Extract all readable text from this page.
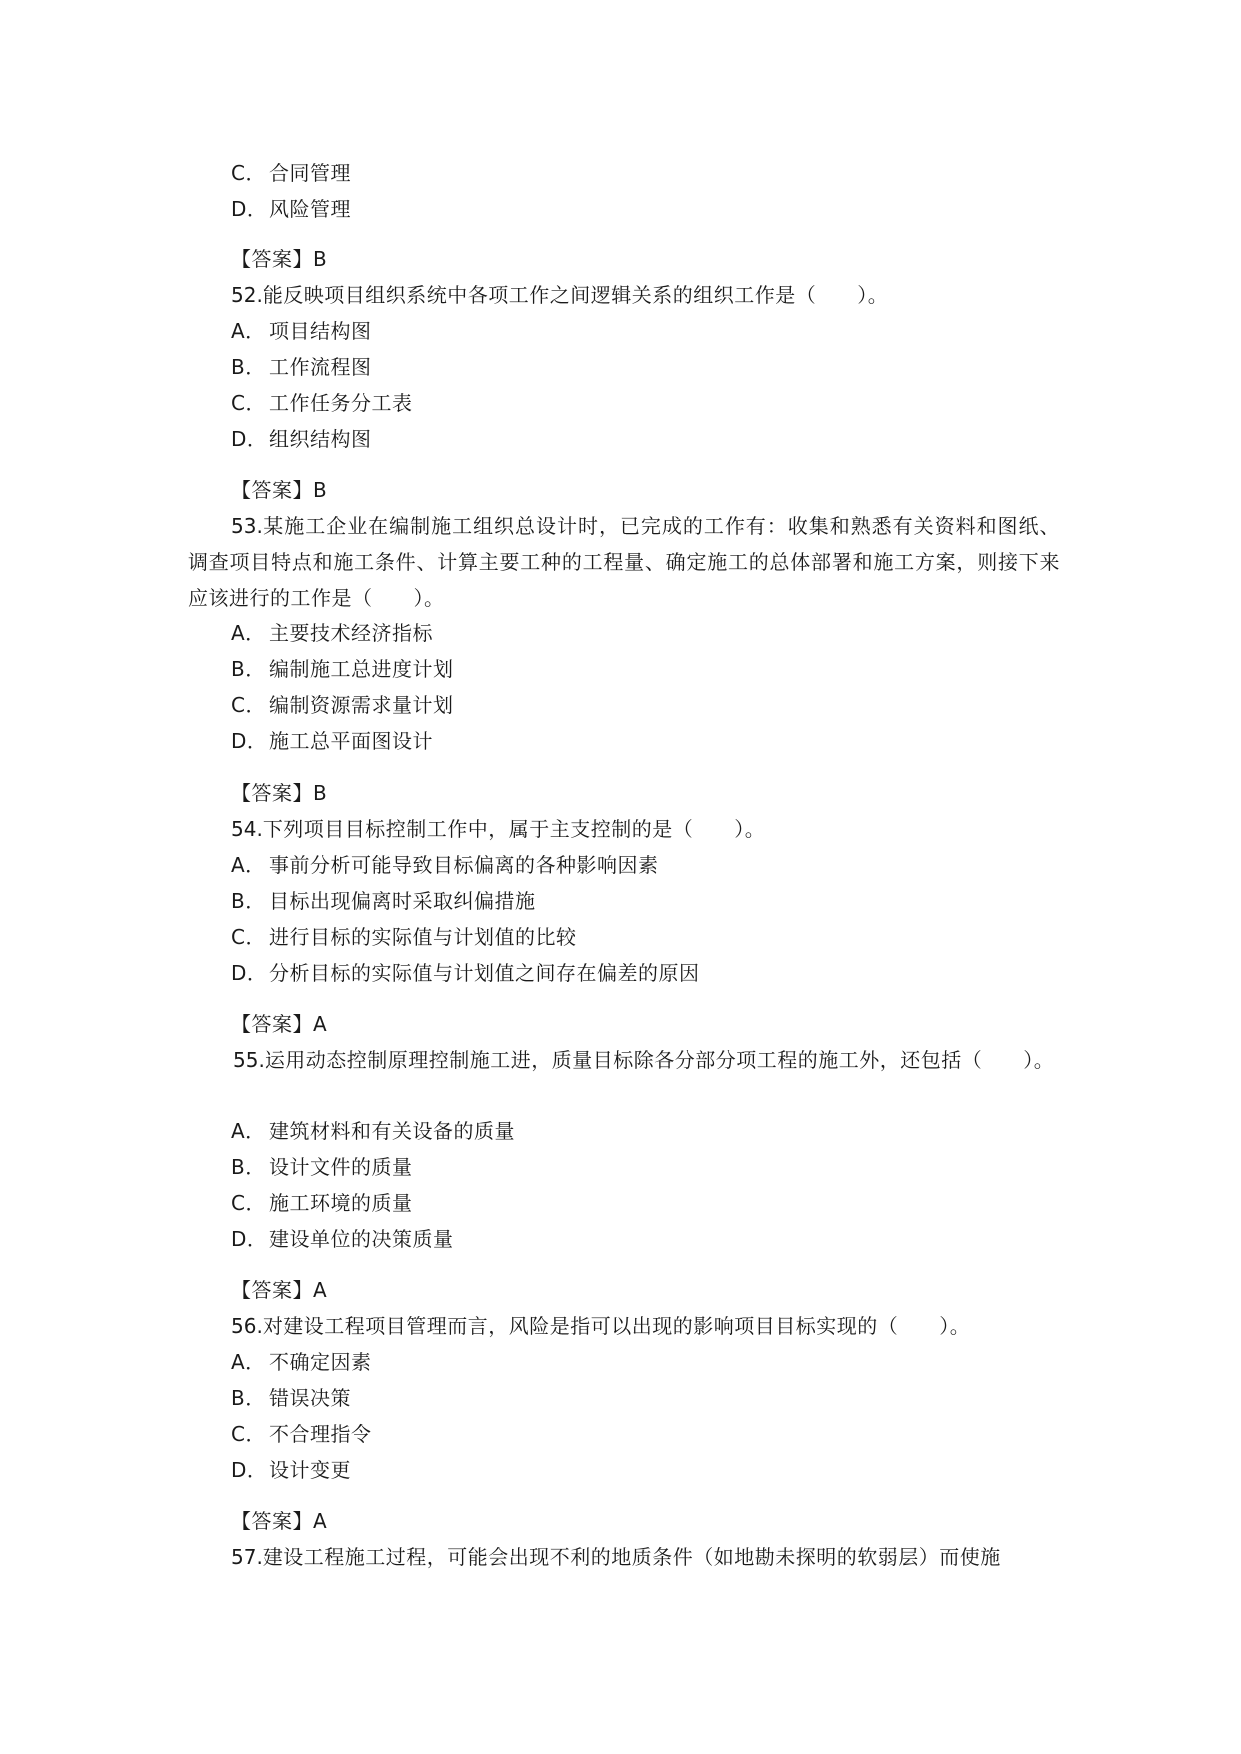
C． 合同管理
D．风险管理
【答案】B
52.能反映项目组织系统中各项工作之间逻辑关系的组织工作是（　　）。
A． 项目结构图
B． 工作流程图
C． 工作任务分工表
D．组织结构图
【答案】B
53.某施工企业在编制施工组织总设计时，已完成的工作有：收集和熟悉有关资料和图纸、调查项目特点和施工条件、计算主要工种的工程量、确定施工的总体部署和施工方案，则接下来应该进行的工作是（　　）。
A． 主要技术经济指标
B． 编制施工总进度计划
C． 编制资源需求量计划
D．施工总平面图设计
【答案】B
54.下列项目目标控制工作中，属于主支控制的是（　　）。
A． 事前分析可能导致目标偏离的各种影响因素
B． 目标出现偏离时采取纠偏措施
C． 进行目标的实际值与计划值的比较
D．分析目标的实际值与计划值之间存在偏差的原因
【答案】A
55.运用动态控制原理控制施工进，质量目标除各分部分项工程的施工外，还包括（　　）。
A． 建筑材料和有关设备的质量
B． 设计文件的质量
C． 施工环境的质量
D．建设单位的决策质量
【答案】A
56.对建设工程项目管理而言，风险是指可以出现的影响项目目标实现的（　　）。
A． 不确定因素
B． 错误决策
C． 不合理指令
D．设计变更
【答案】A
57.建设工程施工过程，可能会出现不利的地质条件（如地勘未探明的软弱层）而使施
